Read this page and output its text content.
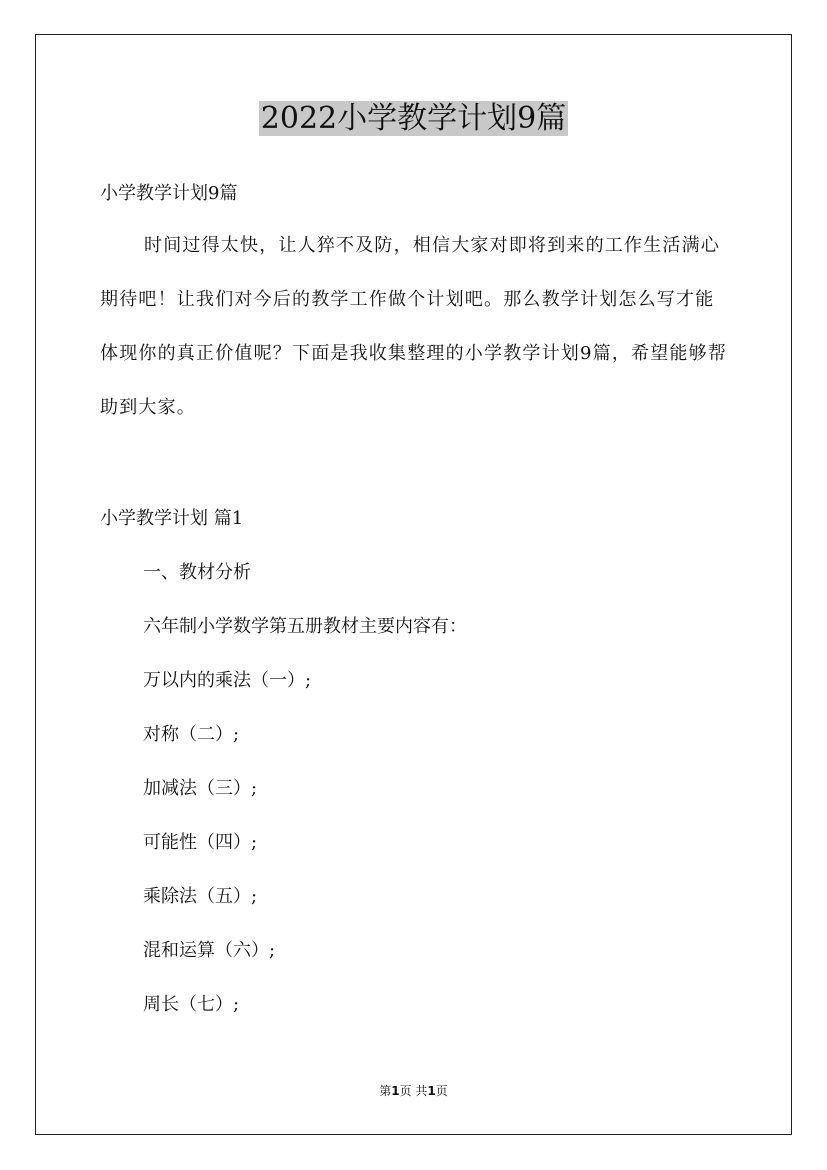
2022小学教学计划9篇
小学教学计划9篇

时间过得太快，让人猝不及防，相信大家对即将到来的工作生活满心期待吧！让我们对今后的教学工作做个计划吧。那么教学计划怎么写才能体现你的真正价值呢？下面是我收集整理的小学教学计划9篇，希望能够帮助到大家。

小学教学计划 篇1
一、教材分析
六年制小学数学第五册教材主要内容有：
万以内的乘法（一）;
对称（二）;
加减法（三）;
可能性（四）;
乘除法（五）;
混和运算（六）;
周长（七）;
第1页 共1页
